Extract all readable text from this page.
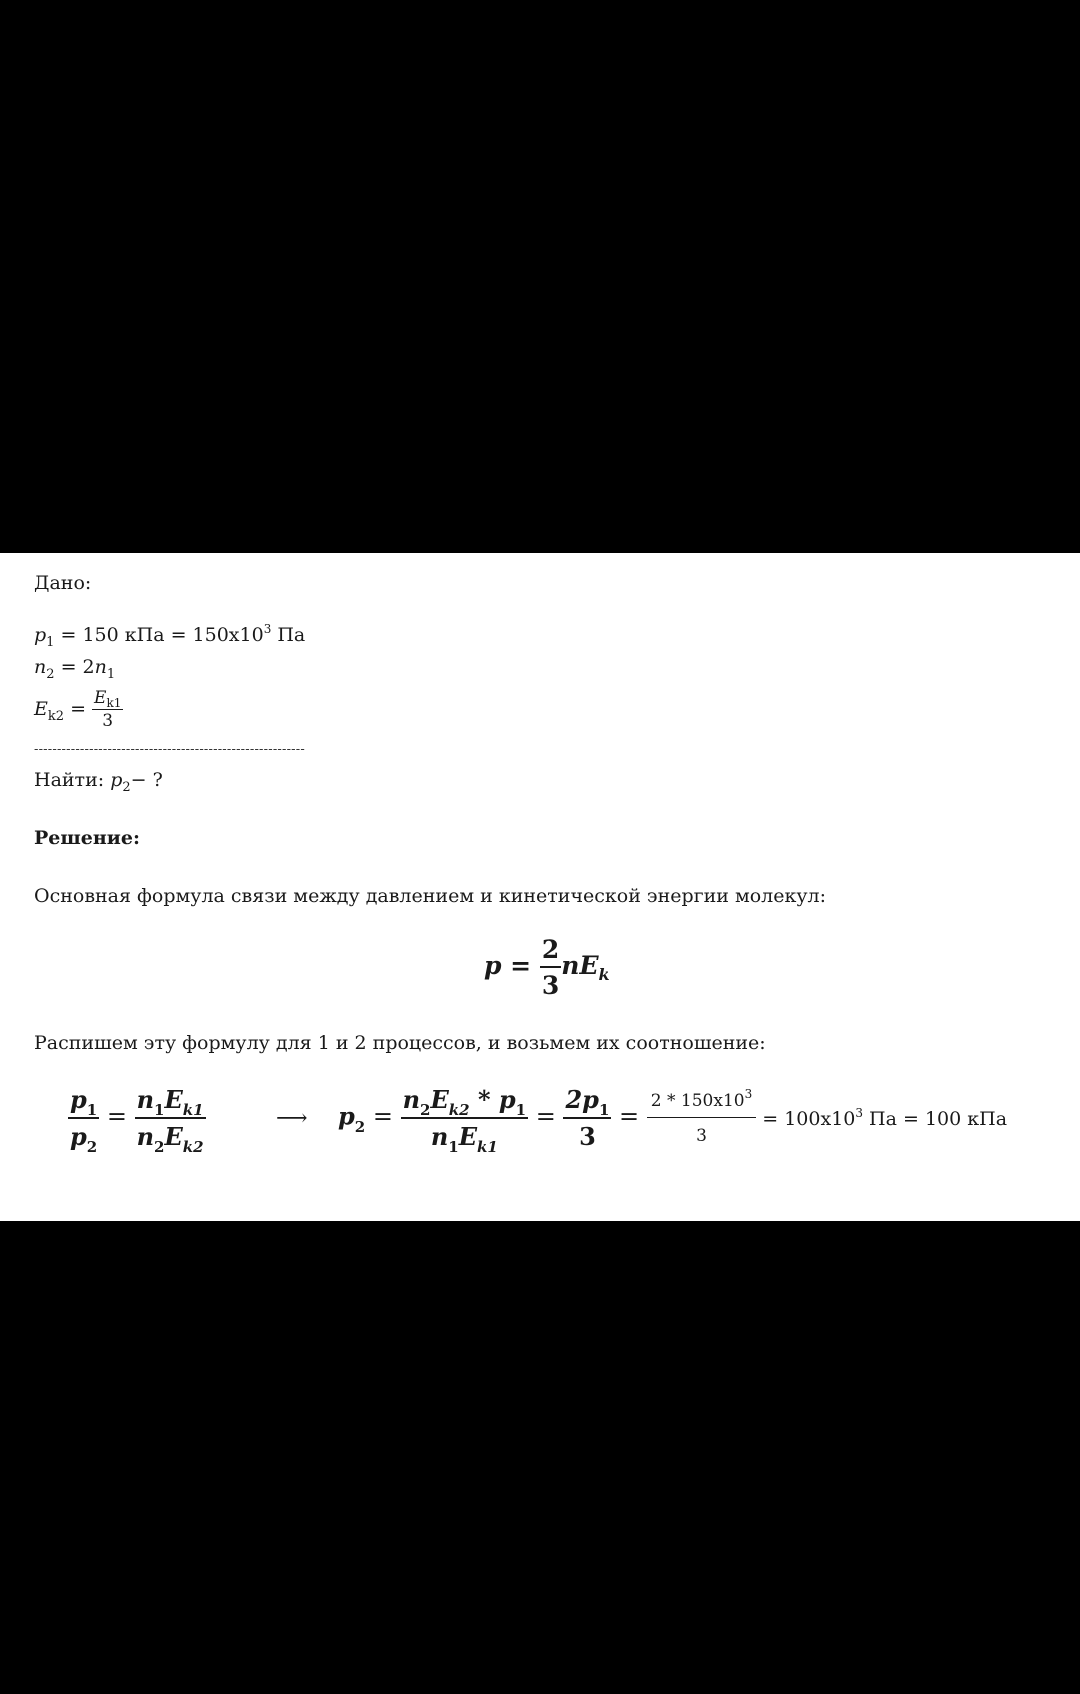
Дано:
$p_1 = 150$ кПа = $150x10^3$ Па
$n_2 = 2n_1$
$E_{k2} = \frac{E_{k1}}{3}$
-----------------------------------------------------------
Найти: $p_2-$ ?
Решение:
Основная формула связи между давлением и кинетической энергии молекул:
$p = \frac{2}{3} nE_k$
Распишем эту формулу для 1 и 2 процессов, и возьмем их соотношение:
$\frac{p_1}{p_2} = \frac{n_1E_{k1}}{n_2E_{k2}}$	⟶ $p_2 = \frac{n_2E_{k2} * p_1}{n_1E_{k1}} = \frac{2p_1}{3} = \frac{2 * 150x10^3}{3} = 100x10^3$ Па = 100 кПа
